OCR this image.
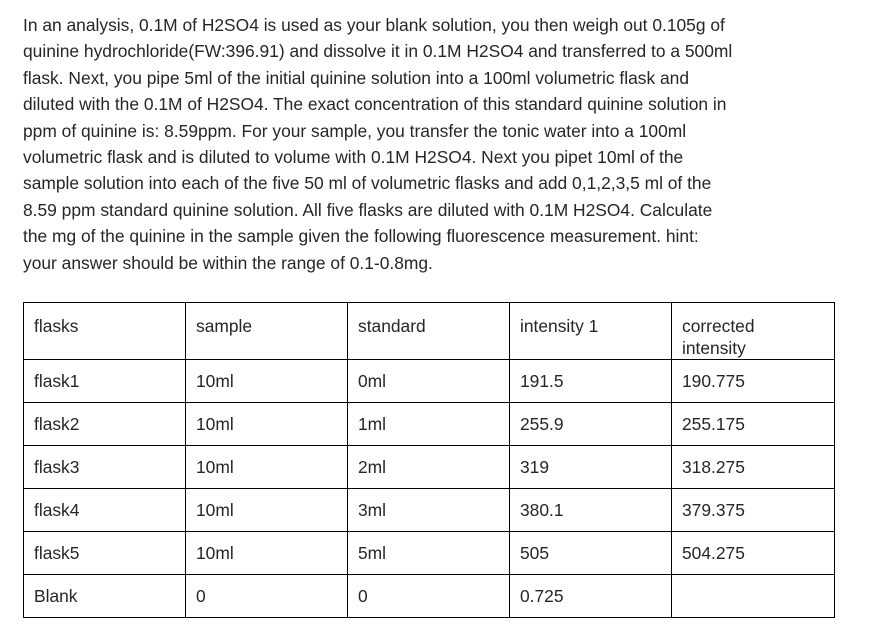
In an analysis, 0.1M of H2SO4 is used as your blank solution, you then weigh out 0.105g of
quinine hydrochloride(FW:396.91) and dissolve it in 0.1M H2SO4 and transferred to a 500ml
flask. Next, you pipe 5ml of the initial quinine solution into a 100ml volumetric flask and
diluted with the 0.1M of H2SO4. The exact concentration of this standard quinine solution in
ppm of quinine is: 8.59ppm. For your sample, you transfer the tonic water into a 100ml
volumetric flask and is diluted to volume with 0.1M H2SO4. Next you pipet 10ml of the
sample solution into each of the five 50 ml of volumetric flasks and add 0,1,2,3,5 ml of the
8.59 ppm standard quinine solution. All five flasks are diluted with 0.1M H2SO4. Calculate
the mg of the quinine in the sample given the following fluorescence measurement. hint:
your answer should be within the range of 0.1-0.8mg.
flasks	sample	standard	intensity 1	corrected
intensity
flask1	10ml	0ml	191.5	190.775
flask2	10ml	1ml	255.9	255.175
flask3	10ml	2ml	319	318.275
flask4	10ml	3ml	380.1	379.375
flask5	10ml	5ml	505	504.275
Blank	0	0	0.725	
